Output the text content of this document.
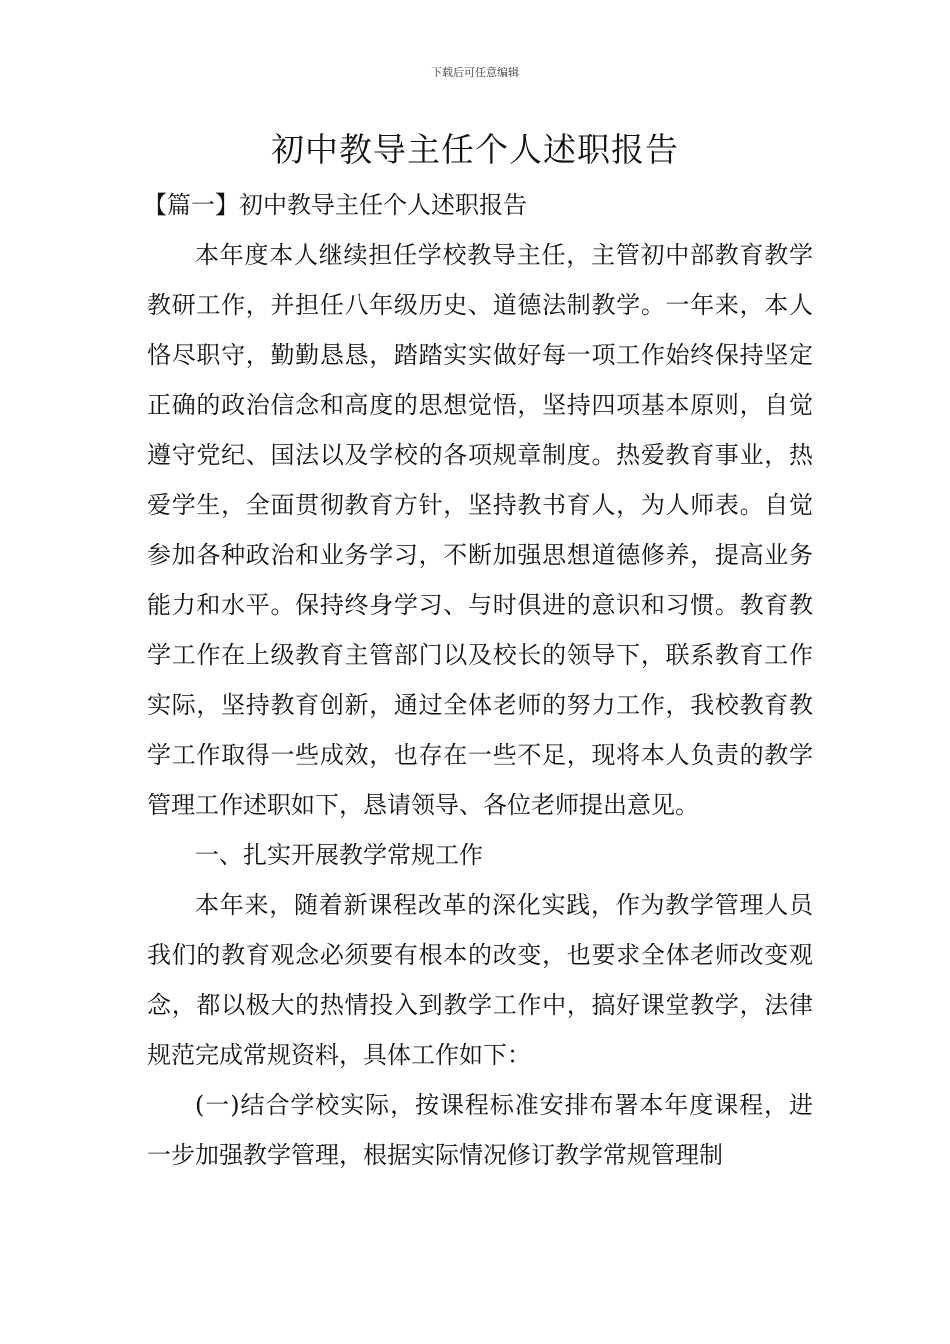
下载后可任意编辑
初中教导主任个人述职报告

【篇一】初中教导主任个人述职报告

本年度本人继续担任学校教导主任，主管初中部教育教学教研工作，并担任八年级历史、道德法制教学。一年来，本人恪尽职守，勤勤恳恳，踏踏实实做好每一项工作始终保持坚定正确的政治信念和高度的思想觉悟，坚持四项基本原则，自觉遵守党纪、国法以及学校的各项规章制度。热爱教育事业，热爱学生，全面贯彻教育方针，坚持教书育人，为人师表。自觉参加各种政治和业务学习，不断加强思想道德修养，提高业务能力和水平。保持终身学习、与时俱进的意识和习惯。教育教学工作在上级教育主管部门以及校长的领导下，联系教育工作实际，坚持教育创新，通过全体老师的努力工作，我校教育教学工作取得一些成效，也存在一些不足，现将本人负责的教学管理工作述职如下，恳请领导、各位老师提出意见。

一、扎实开展教学常规工作

本年来，随着新课程改革的深化实践，作为教学管理人员我们的教育观念必须要有根本的改变，也要求全体老师改变观念，都以极大的热情投入到教学工作中，搞好课堂教学，法律规范完成常规资料，具体工作如下：

(一)结合学校实际，按课程标准安排布署本年度课程，进一步加强教学管理，根据实际情况修订教学常规管理制
